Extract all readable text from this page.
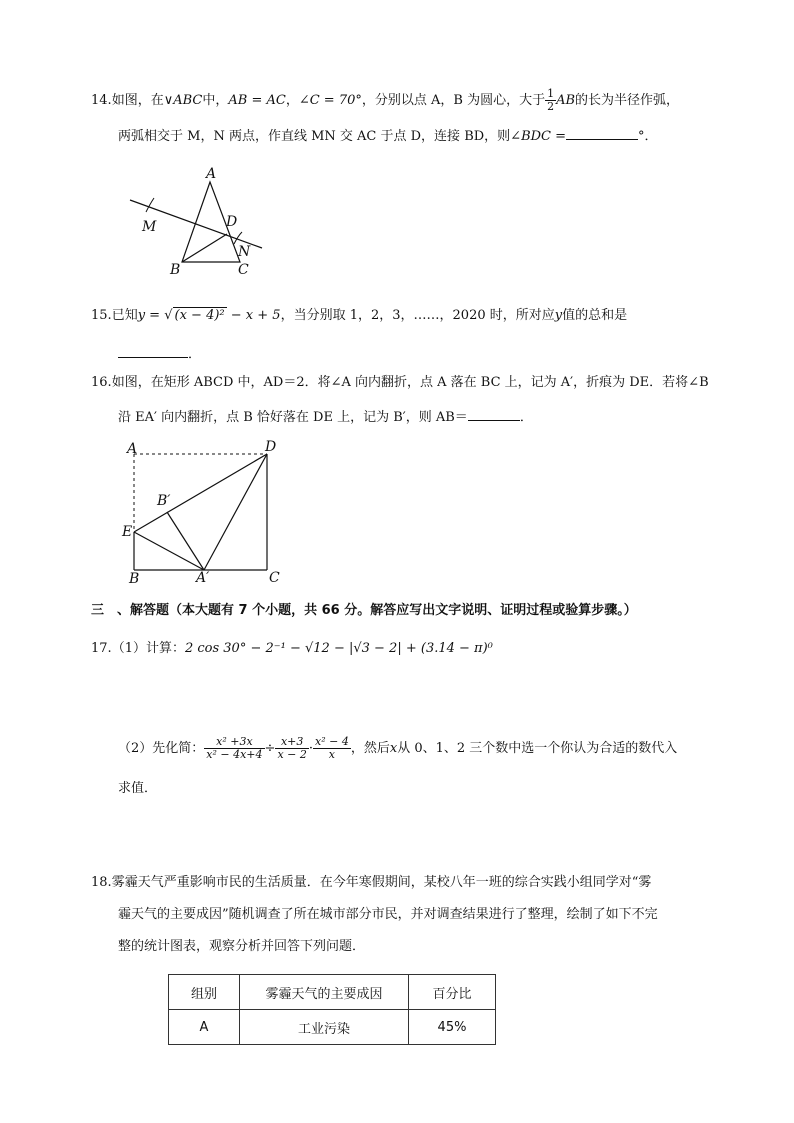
14.如图，在∨ABC中，AB = AC，∠C = 70°，分别以点 A，B 为圆心，大于 $\frac{1}{2}$ AB的长为半径作弧，
两弧相交于 M，N 两点，作直线 MN 交 AC 于点 D，连接 BD，则∠BDC =	°．
A
D
M
N
B	C
15.已知y = √ (x − 4)² − x + 5，当分别取 1，2，3，……，2020 时，所对应y值的总和是
．
16.如图，在矩形 ABCD 中，AD＝2．将∠A 向内翻折，点 A 落在 BC 上，记为 A′，折痕为 DE．若将∠B
沿 EA′ 向内翻折，点 B 恰好落在 DE 上，记为 B′，则 AB＝	．
A	D
B′
E
B	A′	C
三　、解答题（本大题有 7 个小题，共 66 分。解答应写出文字说明、证明过程或验算步骤。）
17.（1）计算：2 cos 30° − 2⁻¹ − √12 − |√3 − 2| + (3.14 − π)⁰
（2）先化简： $\frac{\text{x² +3x}}{\text{x² − 4x+4}} \div \frac{x+3}{x - 2} \cdot \frac{\text{x² − 4}}{x}$ ，然后x从 0、1、2 三个数中选一个你认为合适的数代入
求值．
18.雾霾天气严重影响市民的生活质量．在今年寒假期间，某校八年一班的综合实践小组同学对“雾
霾天气的主要成因”随机调查了所在城市部分市民，并对调查结果进行了整理，绘制了如下不完
整的统计图表，观察分析并回答下列问题．
组别	雾霾天气的主要成因	百分比
A	工业污染	45%
